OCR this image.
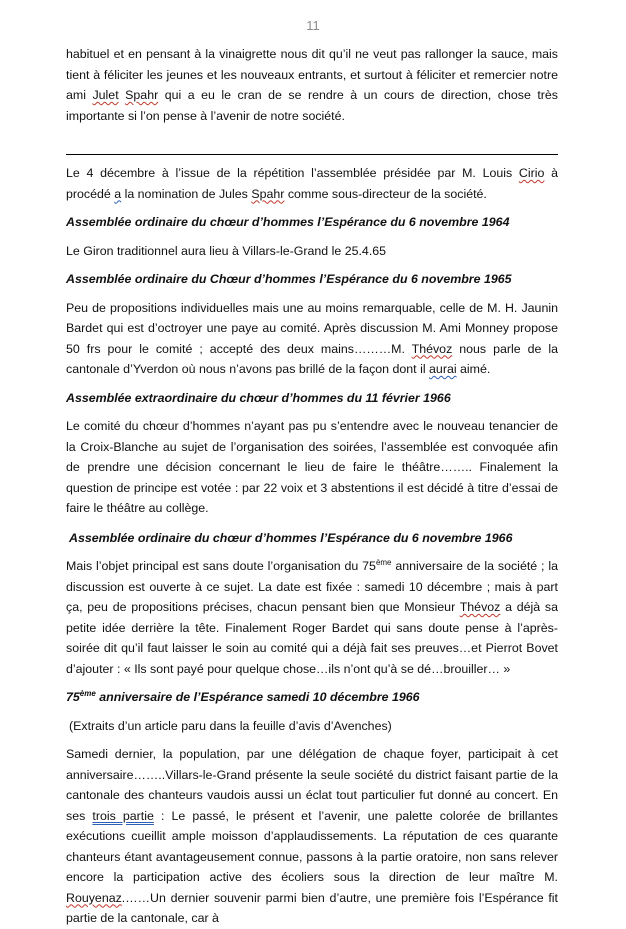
11

habituel et en pensant à la vinaigrette nous dit qu’il ne veut pas rallonger la sauce, mais tient à féliciter les jeunes et les nouveaux entrants, et surtout à féliciter et remercier notre ami Julet Spahr qui a eu le cran de se rendre à un cours de direction, chose très importante si l’on pense à l’avenir de notre société.

Le 4 décembre à l’issue de la répétition l’assemblée présidée par M. Louis Cirio à procédé a la nomination de Jules Spahr comme sous-directeur de la société.

Assemblée ordinaire du chœur d’hommes l’Espérance du 6 novembre 1964

Le Giron traditionnel aura lieu à Villars-le-Grand le 25.4.65

Assemblée ordinaire du Chœur d’hommes l’Espérance du 6 novembre 1965

Peu de propositions individuelles mais une au moins remarquable, celle de M. H. Jaunin Bardet qui est d’octroyer une paye au comité. Après discussion M. Ami Monney propose 50 frs pour le comité ; accepté des deux mains………M. Thévoz nous parle de la cantonale d’Yverdon où nous n’avons pas brillé de la façon dont il aurai aimé.

Assemblée extraordinaire du chœur d’hommes du 11 février 1966

Le comité du chœur d’hommes n’ayant pas pu s’entendre avec le nouveau tenancier de la Croix-Blanche au sujet de l’organisation des soirées, l’assemblée est convoquée afin de prendre une décision concernant le lieu de faire le théâtre…….. Finalement la question de principe est votée : par 22 voix et 3 abstentions il est décidé à titre d’essai de faire le théâtre au collège.

Assemblée ordinaire du chœur d’hommes l’Espérance du 6 novembre 1966

Mais l’objet principal est sans doute l’organisation du 75ème anniversaire de la société ; la discussion est ouverte à ce sujet. La date est fixée : samedi 10 décembre ; mais à part ça, peu de propositions précises, chacun pensant bien que Monsieur Thévoz a déjà sa petite idée derrière la tête. Finalement Roger Bardet qui sans doute pense à l’après-soirée dit qu’il faut laisser le soin au comité qui a déjà fait ses preuves…et Pierrot Bovet d’ajouter : « Ils sont payé pour quelque chose…ils n’ont qu’à se dé…brouiller… »

75ème anniversaire de l’Espérance samedi 10 décembre 1966

(Extraits d’un article paru dans la feuille d’avis d’Avenches)

Samedi dernier, la population, par une délégation de chaque foyer, participait à cet anniversaire……..Villars-le-Grand présente la seule société du district faisant partie de la cantonale des chanteurs vaudois aussi un éclat tout particulier fut donné au concert. En ses trois partie : Le passé, le présent et l’avenir, une palette colorée de brillantes exécutions cueillit ample moisson d’applaudissements. La réputation de ces quarante chanteurs étant avantageusement connue, passons à la partie oratoire, non sans relever encore la participation active des écoliers sous la direction de leur maître M. Rouyenaz.……Un dernier souvenir parmi bien d’autre, une première fois l’Espérance fit partie de la cantonale, car à
